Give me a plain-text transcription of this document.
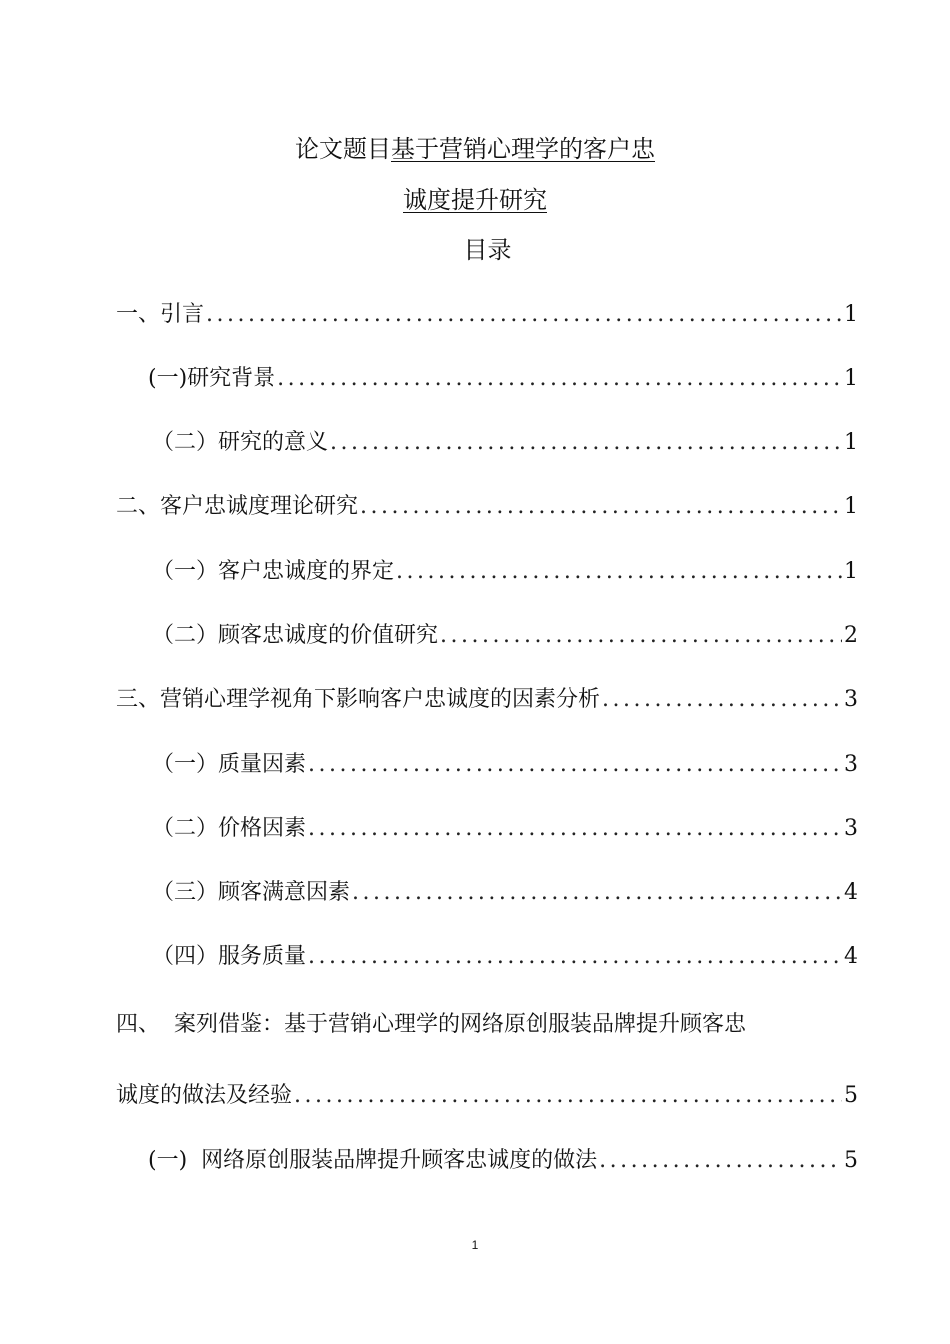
论文题目基于营销心理学的客户忠
诚度提升研究
目录
一、引言 .....	1
(一)研究背景 .....	1
（二）研究的意义 .....	1
二、客户忠诚度理论研究 .....	1
（一）客户忠诚度的界定 .....	1
（二）顾客忠诚度的价值研究 .....	2
三、营销心理学视角下影响客户忠诚度的因素分析 .....	3
（一）质量因素 .....	3
（二）价格因素 .....	3
（三）顾客满意因素 .....	4
（四）服务质量 .....	4
四、  案列借鉴：基于营销心理学的网络原创服装品牌提升顾客忠
诚度的做法及经验 .....	5
(一)  网络原创服装品牌提升顾客忠诚度的做法 .....	5
1
